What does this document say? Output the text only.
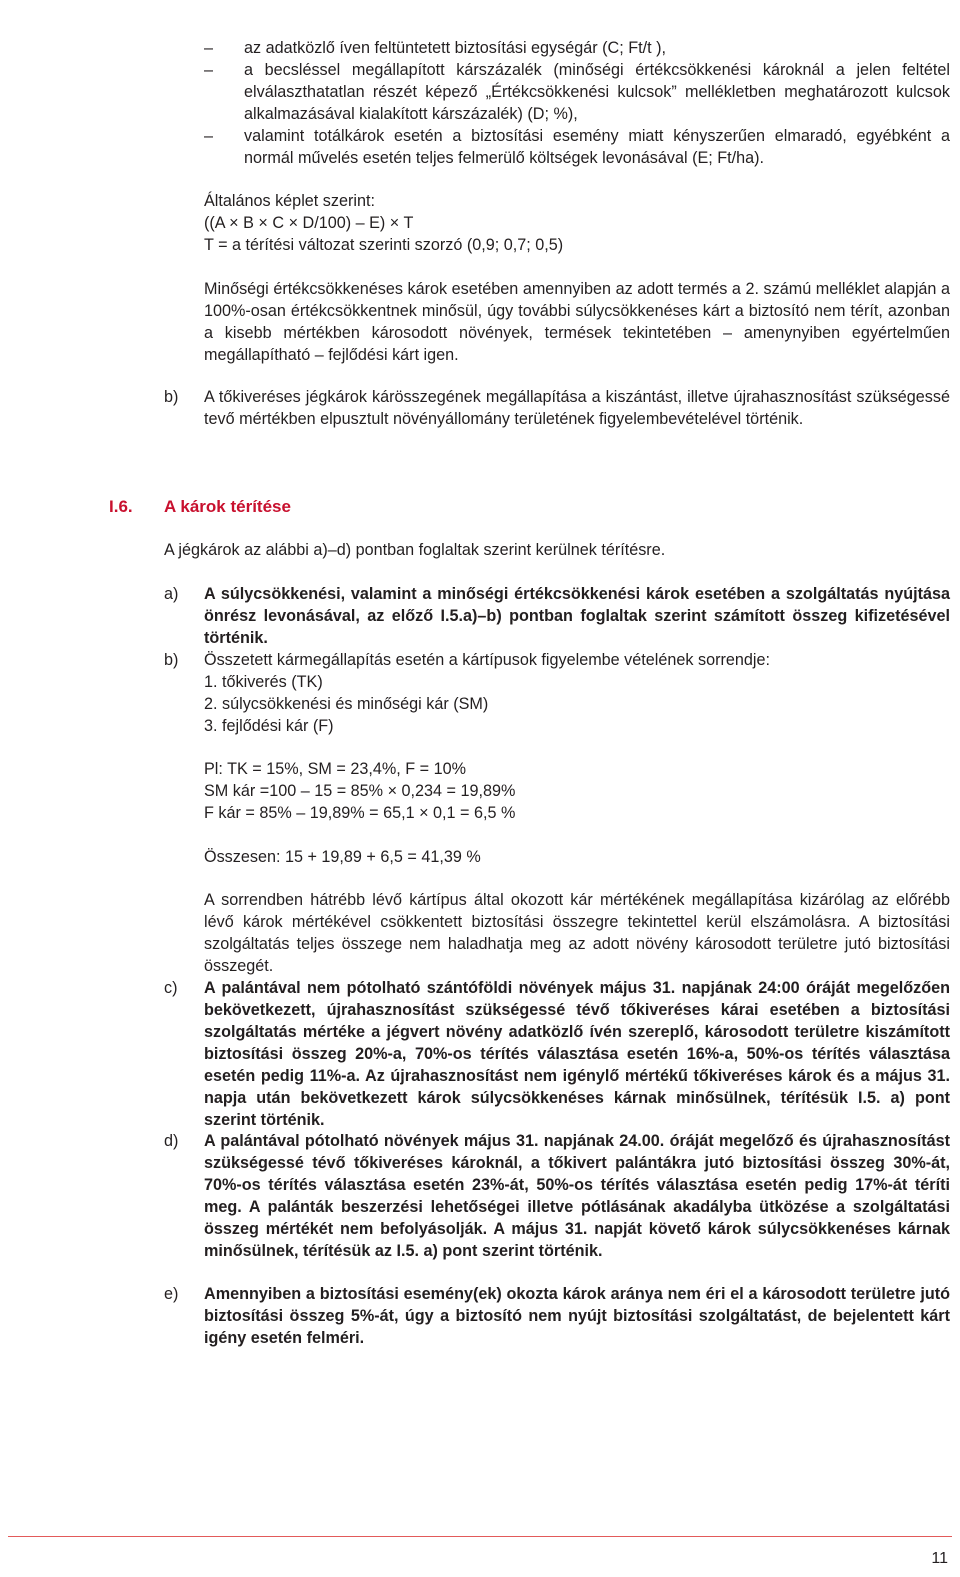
–	az adatközlő íven feltüntetett biztosítási egységár (C; Ft/t ),
–	a becsléssel megállapított kárszázalék (minőségi értékcsökkenési károknál a jelen feltétel elválaszthatatlan részét képező „Értékcsökkenési kulcsok” mellékletben meghatározott kulcsok alkalmazásával kialakított kárszázalék) (D; %),
–	valamint totálkárok esetén a biztosítási esemény miatt kényszerűen elmaradó, egyébként a normál művelés esetén teljes felmerülő költségek levonásával (E; Ft/ha).
Általános képlet szerint:
((A × B × C × D/100) – E) × T
T = a térítési változat szerinti szorzó (0,9; 0,7; 0,5)
Minőségi értékcsökkenéses károk esetében amennyiben az adott termés a 2. számú melléklet alapján a 100%-osan értékcsökkentnek minősül, úgy további súlycsökkenéses kárt a biztosító nem térít, azonban a kisebb mértékben károsodott növények, termések tekintetében – amenynyiben egyértelműen megállapítható – fejlődési kárt igen.
b)	A tőkiveréses jégkárok kárösszegének megállapítása a kiszántást, illetve újrahasznosítást szükségessé tevő mértékben elpusztult növényállomány területének figyelembevételével történik.
I.6. A károk térítése
A jégkárok az alábbi a)–d) pontban foglaltak szerint kerülnek térítésre.
a)	A súlycsökkenési, valamint a minőségi értékcsökkenési károk esetében a szolgáltatás nyújtása önrész levonásával, az előző I.5.a)–b) pontban foglaltak szerint számított összeg kifizetésével történik.
b)	Összetett kármegállapítás esetén a kártípusok figyelembe vételének sorrendje:
1. tőkiverés (TK)
2. súlycsökkenési és minőségi kár (SM)
3. fejlődési kár (F)
Pl: TK = 15%, SM = 23,4%, F = 10%
SM kár =100 – 15 = 85% × 0,234 = 19,89%
F kár = 85% – 19,89% = 65,1 × 0,1 = 6,5 %
Összesen: 15 + 19,89 + 6,5 = 41,39 %
A sorrendben hátrébb lévő kártípus által okozott kár mértékének megállapítása kizárólag az előrébb lévő károk mértékével csökkentett biztosítási összegre tekintettel kerül elszámolásra. A biztosítási szolgáltatás teljes összege nem haladhatja meg az adott növény károsodott területre jutó biztosítási összegét.
c)	A palántával nem pótolható szántóföldi növények május 31. napjának 24:00 óráját megelőzően bekövetkezett, újrahasznosítást szükségessé tévő tőkiveréses kárai esetében a biztosítási szolgáltatás mértéke a jégvert növény adatközlő ívén szereplő, károsodott területre kiszámított biztosítási összeg 20%-a, 70%-os térítés választása esetén 16%-a, 50%-os térítés választása esetén pedig 11%-a. Az újrahasznosítást nem igénylő mértékű tőkiveréses károk és a május 31. napja után bekövetkezett károk súlycsökkenéses kárnak minősülnek, térítésük I.5. a) pont szerint történik.
d)	A palántával pótolható növények május 31. napjának 24.00. óráját megelőző és újrahasznosítást szükségessé tévő tőkiveréses károknál, a tőkivert palántákra jutó biztosítási összeg 30%-át, 70%-os térítés választása esetén 23%-át, 50%-os térítés választása esetén pedig 17%-át téríti meg. A palánták beszerzési lehetőségei illetve pótlásának akadályba ütközése a szolgáltatási összeg mértékét nem befolyásolják. A május 31. napját követő károk súlycsökkenéses kárnak minősülnek, térítésük az I.5. a) pont szerint történik.
e)	Amennyiben a biztosítási esemény(ek) okozta károk aránya nem éri el a károsodott területre jutó biztosítási összeg 5%-át, úgy a biztosító nem nyújt biztosítási szolgáltatást, de bejelentett kárt igény esetén felméri.
11
